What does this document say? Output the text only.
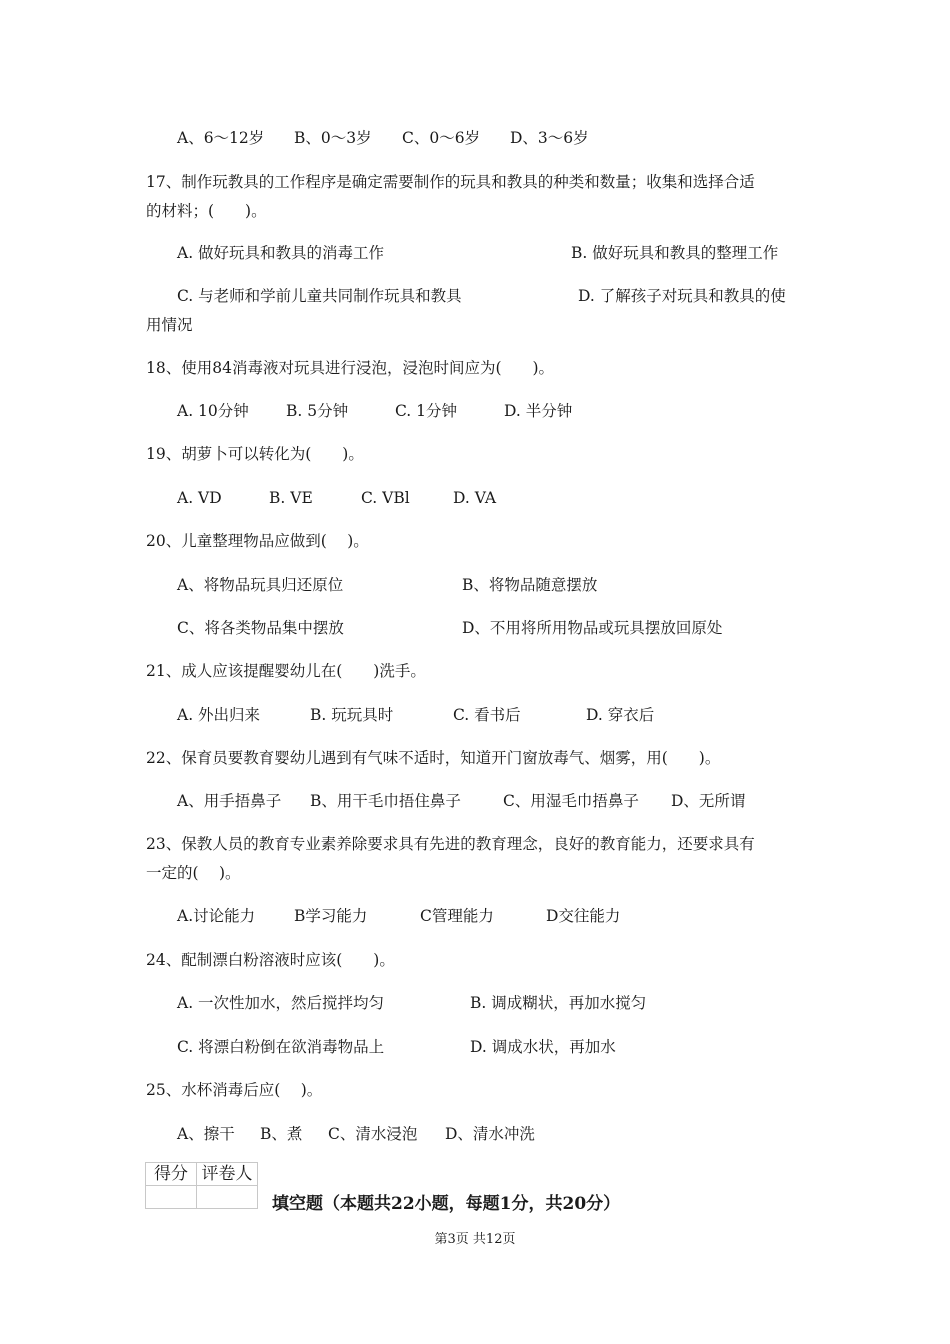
A、6～12岁 B、0～3岁 C、0～6岁 D、3～6岁
17、制作玩教具的工作程序是确定需要制作的玩具和教具的种类和数量；收集和选择合适
的材料；(　　)。
A. 做好玩具和教具的消毒工作	B. 做好玩具和教具的整理工作
C. 与老师和学前儿童共同制作玩具和教具	D. 了解孩子对玩具和教具的使
用情况
18、使用84消毒液对玩具进行浸泡，浸泡时间应为(　　)。
A. 10分钟 B. 5分钟	C. 1分钟	D. 半分钟
19、胡萝卜可以转化为(　　)。
A. VD	B. VE	C. VBl	D. VA
20、儿童整理物品应做到(　 )。
A、将物品玩具归还原位	B、将物品随意摆放
C、将各类物品集中摆放	D、不用将所用物品或玩具摆放回原处
21、成人应该提醒婴幼儿在(　　)洗手。
A. 外出归来	B. 玩玩具时	C. 看书后	D. 穿衣后
22、保育员要教育婴幼儿遇到有气味不适时，知道开门窗放毒气、烟雾，用(　　)。
A、用手捂鼻子 B、用干毛巾捂住鼻子	C、用湿毛巾捂鼻子 D、无所谓
23、保教人员的教育专业素养除要求具有先进的教育理念，良好的教育能力，还要求具有
一定的(　 )。
A.讨论能力	B学习能力	C管理能力	D交往能力
24、配制漂白粉溶液时应该(　　)。
A. 一次性加水，然后搅拌均匀	B. 调成糊状，再加水搅匀
C. 将漂白粉倒在欲消毒物品上	D. 调成水状，再加水
25、水杯消毒后应(　 )。
A、擦干 B、煮 C、清水浸泡 D、清水冲洗
得分	评卷人

填空题（本题共22小题，每题1分，共20分）
第3页 共12页
